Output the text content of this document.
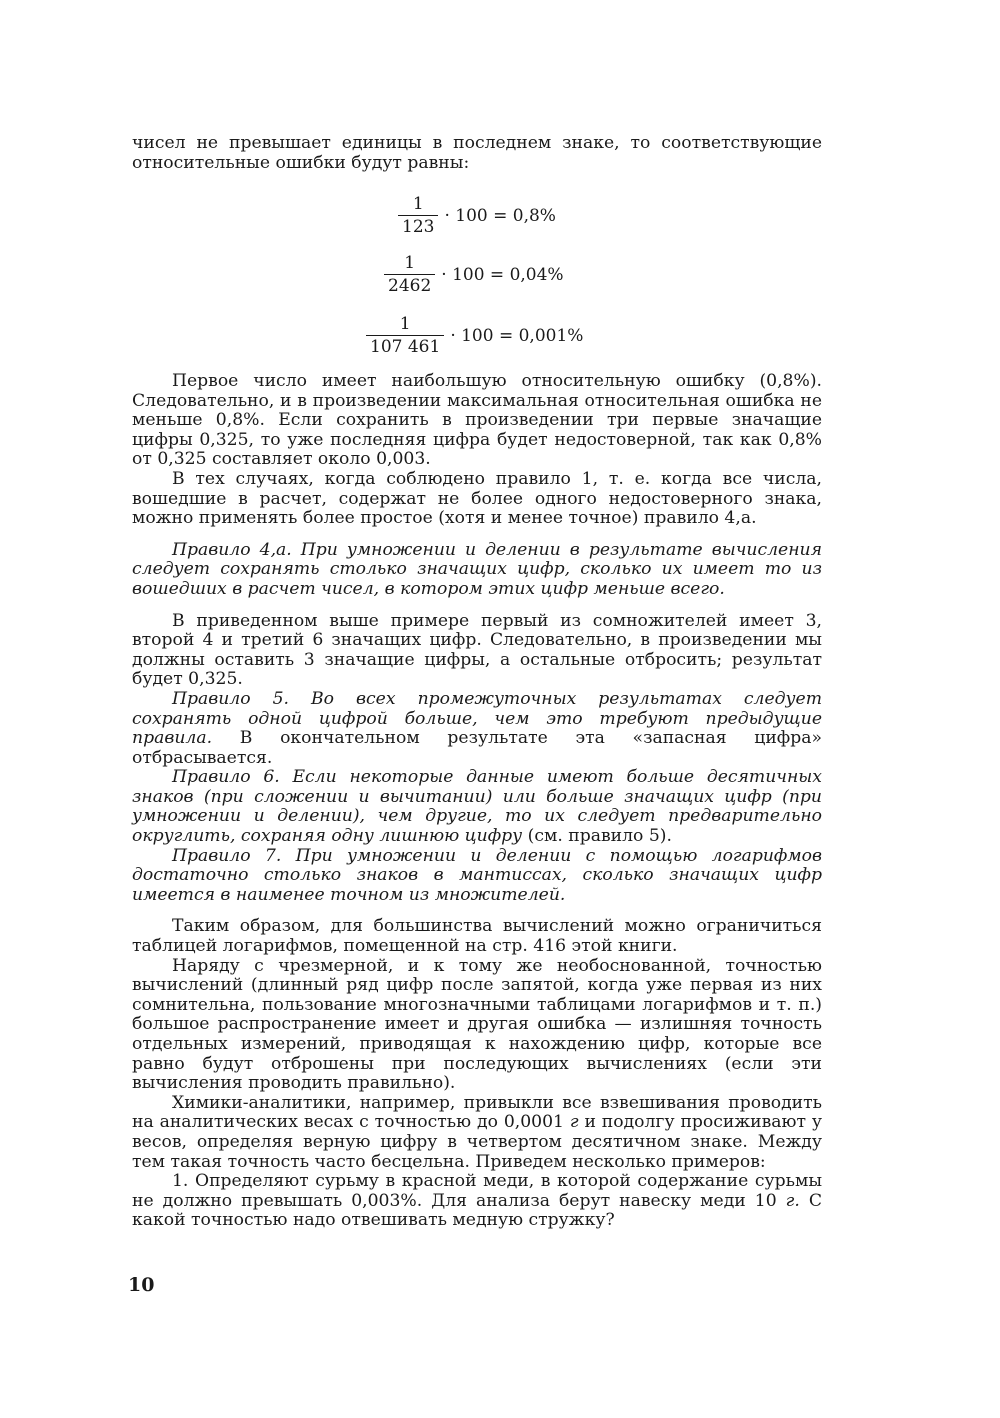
чисел не превышает единицы в последнем знаке, то соответствующие

относительные ошибки будут равны:

$\frac{1}{123} \cdot 100 = 0,8\%$
$\frac{1}{2462} \cdot 100 = 0,04\%$
$\frac{1}{107 461} \cdot 100 = 0,001\%$

Первое число имеет наибольшую относительную ошибку (0,8%). Следовательно, и в произведении максимальная относительная ошибка не меньше 0,8%. Если сохранить в произведении три первые значащие цифры 0,325, то уже последняя цифра будет недостоверной, так как 0,8% от 0,325 составляет около 0,003.

В тех случаях, когда соблюдено правило 1, т. е. когда все числа, вошедшие в расчет, содержат не более одного недостоверного знака, можно применять более простое (хотя и менее точное) правило 4,а.

Правило 4,а. При умножении и делении в результате вычисления следует сохранять столько значащих цифр, сколько их имеет то из вошедших в расчет чисел, в котором этих цифр меньше всего.

В приведенном выше примере первый из сомножителей имеет 3, второй 4 и третий 6 значащих цифр. Следовательно, в произведении мы должны оставить 3 значащие цифры, а остальные отбросить; результат будет 0,325.

Правило 5. Во всех промежуточных результатах следует сохранять одной цифрой больше, чем это требуют предыдущие правила. В окончательном результате эта «запасная цифра» отбрасывается.

Правило 6. Если некоторые данные имеют больше десятичных знаков (при сложении и вычитании) или больше значащих цифр (при умножении и делении), чем другие, то их следует предварительно округлить, сохраняя одну лишнюю цифру (см. правило 5).

Правило 7. При умножении и делении с помощью логарифмов достаточно столько знаков в мантиссах, сколько значащих цифр имеется в наименее точном из множителей.

Таким образом, для большинства вычислений можно ограничиться таблицей логарифмов, помещенной на стр. 416 этой книги.

Наряду с чрезмерной, и к тому же необоснованной, точностью вычислений (длинный ряд цифр после запятой, когда уже первая из них сомнительна, пользование многозначными таблицами логарифмов и т. п.) большое распространение имеет и другая ошибка — излишняя точность отдельных измерений, приводящая к нахождению цифр, которые все равно будут отброшены при последующих вычислениях (если эти вычисления проводить правильно).

Химики-аналитики, например, привыкли все взвешивания проводить на аналитических весах с точностью до 0,0001 г и подолгу просиживают у весов, определяя верную цифру в четвертом десятичном знаке. Между тем такая точность часто бесцельна. Приведем несколько примеров:

1. Определяют сурьму в красной меди, в которой содержание сурьмы не должно превышать 0,003%. Для анализа берут навеску меди 10 г. С какой точностью надо отвешивать медную стружку?

10
